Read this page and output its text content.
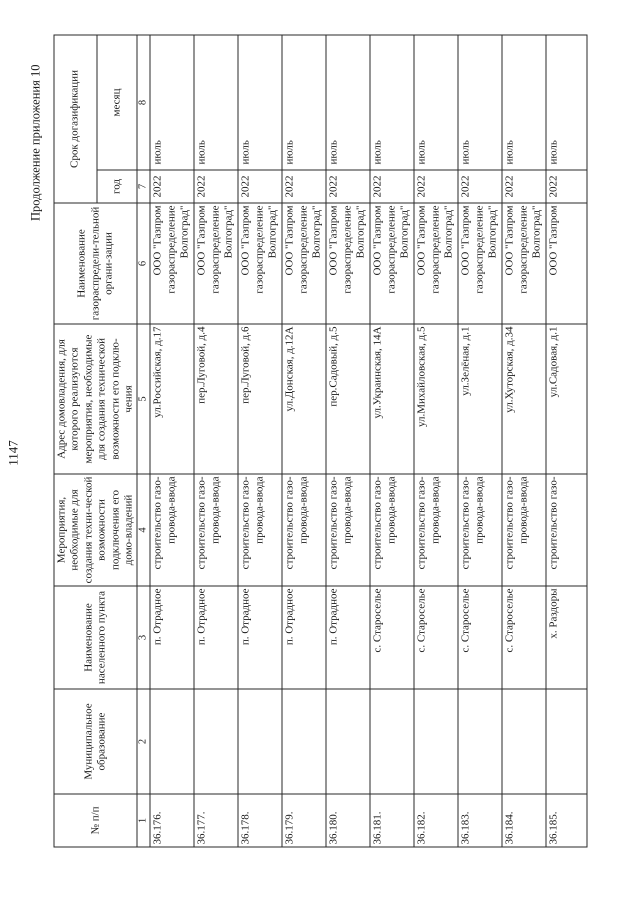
1147
Продолжение приложения 10
№ п/п	Муниципальное образование	Наименование населенного пункта	Мероприятия, необходимые для создания техни-ческой возможности подключения его домо-владений	Адрес домовладения, для которого реализуются мероприятия, необходимые для создания технической возможности его подклю-чения	Наименование газораспредели-тельной органи-зации	Срок догазификации	
						год	месяц
1	2	3	4	5	6	7	8
36.176.		п. Отрадное	строительство газо-провода-ввода	ул.Российская, д.17	ООО "Газпром газораспределение Волгоград"	2022	июль
36.177.		п. Отрадное	строительство газо-провода-ввода	пер.Луговой, д.4	ООО "Газпром газораспределение Волгоград"	2022	июль
36.178.		п. Отрадное	строительство газо-провода-ввода	пер.Луговой, д.6	ООО "Газпром газораспределение Волгоград"	2022	июль
36.179.		п. Отрадное	строительство газо-провода-ввода	ул.Донская, д.12А	ООО "Газпром газораспределение Волгоград"	2022	июль
36.180.		п. Отрадное	строительство газо-провода-ввода	пер.Садовый, д.5	ООО "Газпром газораспределение Волгоград"	2022	июль
36.181.		с. Староселье	строительство газо-провода-ввода	ул.Украинская, 14А	ООО "Газпром газораспределение Волгоград"	2022	июль
36.182.		с. Староселье	строительство газо-провода-ввода	ул.Михайловская, д.5	ООО "Газпром газораспределение Волгоград"	2022	июль
36.183.		с. Староселье	строительство газо-провода-ввода	ул.Зелёная, д.1	ООО "Газпром газораспределение Волгоград"	2022	июль
36.184.		с. Староселье	строительство газо-провода-ввода	ул.Хуторская, д.34	ООО "Газпром газораспределение Волгоград"	2022	июль
36.185.		х. Раздоры	строительство газо-	ул.Садовая, д.1	ООО "Газпром	2022	июль
